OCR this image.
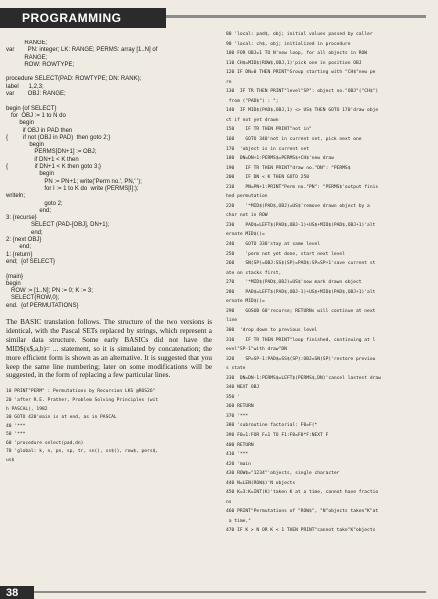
PROGRAMMING
RANGE;
var        PN: integer; LK: RANGE; PERMS: array [1..N] of
RANGE;
ROW: ROWTYPE;

procedure SELECT(PAD: ROWTYPE; DN: RANK);
label      1,2,3;
var        OBJ: RANGE;

begin {of SELECT}
for  OBJ := 1 to N do
begin
if OBJ in PAD then
{         if not (OBJ in PAD)  then goto 2;}
begin
PERMS[DN+1] := OBJ;
if DN+1 < K then
{                if DN+1 < K then goto 3;}
begin
PN := PN+1; write('Perm no.', PN,' ');
for I := 1 to K do  write (PERMS[I]:);
writeln;
goto 2;
end;
3: {recurse}
SELECT (PAD-[OBJ], DN+1);
end;
2: {next OBJ}
end;
1: {return}
end;  {of SELECT}

{main}
begin
ROW := [1..N]; PN := 0; K := 3;
SELECT(ROW,0);
end.  {of PERMUTATIONS}

The BASIC translation follows. The structure of the two versions is identical, with the Pascal SETs replaced by strings, which represent a similar data structure. Some early BASICs did not have the MID$(x$,a,b)= ... statement, so it is simulated by concatenation; the more efficient form is shown as an alternative. It is suggested that you keep the same line numbering; later on some modifications will be suggested, in the form of replacing a few particular lines.

10 PRINT"PERM" : Permutations by Recursion LKS @ROS26"
20 'after R.E. Prather, Problem Solving Principles (wit
h PASCAL), 1982
30 GOTO 420'main is at end, as in PASCAL
40 '***
50 '***
60 'procedure select(pad,dn)
70 'global: k, n, pn, sp, tr, sn(), ss$(), row$, pers$,
us$
80 'local: pad$, obj; initial values passed by caller
90 'local: ch$, obj; initialized in procedure
100 FOR OBJ=1 TO N'new loop, for all objects in ROW
110 CH$=MID$(ROW$,OBJ,1)'pick one in position OBJ
120 IF DN=0 THEN PRINT"Group starting with "CH$"new pe
re
130  IF TR THEN PRINT"level"SP": object no."OBJ"("CH$")
from ("PAD$") : ";
140  IF MID$(PAD$,OBJ,1) <> US$ THEN GOTO 170'draw obje
ct if not yet drawn
150    IF TR THEN PRINT"not in"
160    GOTO 340'not in current set, pick next one
170  'object is in current set
180  DN=DN+1:PERMS$=PERMS$+CH$'new draw
190    IF TR THEN PRINT"draw no."DN": "PERMS$
200    IF DN < K THEN GOTO 250
210    PN=PN+1:PRINT"Perm no."PN": "PERMS$'output finis
hed permutation
220    '*MID$(PAD$,OBJ)=US$'remove drawn object by a
char not in ROW
230    PAD$=LEFT$(PAD$,OBJ-1)+US$+MID$(PAD$,OBJ+1)'alt
ernate MID$()=
240    GOTO 330'stay at same level
250    'perm not yet done, start next level
260    SN(SP)=OBJ:SS$(SP)=PAD$:SP=SP+1'save current st
ate on stacks first,
270    '*MID$(PAD$,OBJ)=US$'now mark drawn object
280    PAD$=LEFT$(PAD$,OBJ-1)+US$+MID$(PAD$,OBJ+1)'alt
ernate MID$()=
290    GOSUB 60'recurse; RETURNs will continue at next
line
300  'drop down to previous level
310    IF TR THEN PRINT"loop finished, continuing at l
evel"SP-1"with draw"DN
320    SP=SP-1:PAD$=SS$(SP):OBJ=SN(SP)'restore previou
s state
330  DN=DN-1:PERMS$=LEFT$(PERMS$,DN)'cancel lastest draw
340 NEXT OBJ
350 '
360 RETURN
370 '***
380 'subroutine factorial: F0=F(*
390 F0=1:FOR F=1 TO F1:F0=F0*F:NEXT F
400 RETURN
410 '***
420 'main
430 ROW$="1234"'objects, single character
440 N=LEN(ROW$)'N objects
450 K=3:K=INT(K)'taken K at a time, cannot have fractio
ns
460 PRINT"Permutations of "ROW$", "N"objects taken"K"at
a time,"
470 IF K > N OR K < 1 THEN PRINT"cannot take"K"objects
38
